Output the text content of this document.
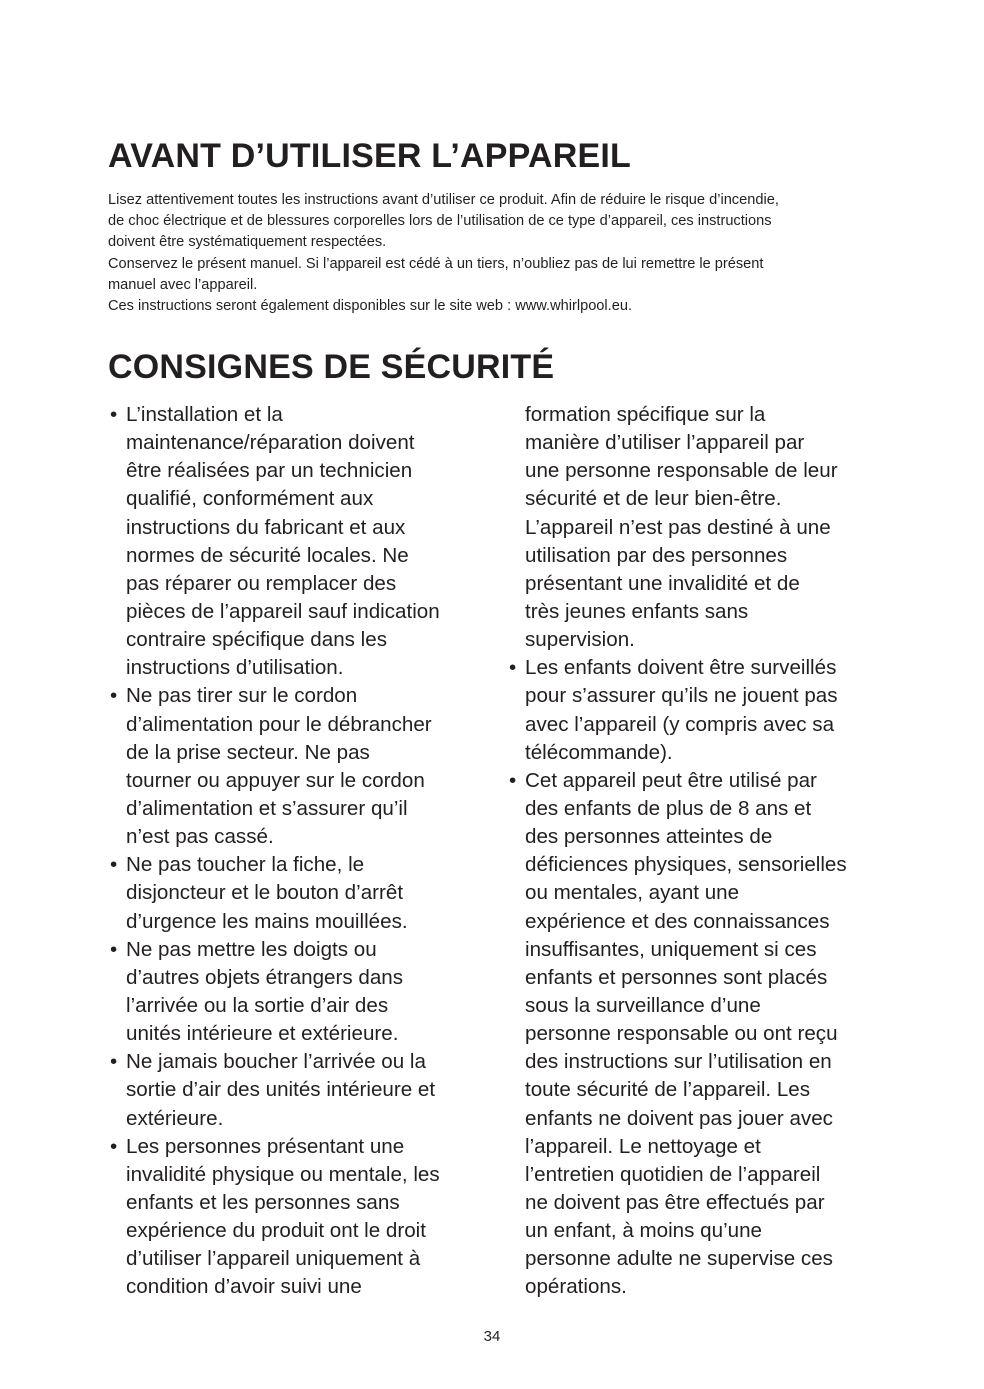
AVANT D’UTILISER L’APPAREIL

Lisez attentivement toutes les instructions avant d’utiliser ce produit. Afin de réduire le risque d’incendie,

de choc électrique et de blessures corporelles lors de l’utilisation de ce type d’appareil, ces instructions

doivent être systématiquement respectées.

Conservez le présent manuel. Si l’appareil est cédé à un tiers, n’oubliez pas de lui remettre le présent

manuel avec l’appareil.

Ces instructions seront également disponibles sur le site web : www.whirlpool.eu.

CONSIGNES DE SÉCURITÉ
• L’installation et la
maintenance/réparation doivent
être réalisées par un technicien
qualifié, conformément aux
instructions du fabricant et aux
normes de sécurité locales. Ne
pas réparer ou remplacer des
pièces de l’appareil sauf indication
contraire spécifique dans les
instructions d’utilisation.
• Ne pas tirer sur le cordon
d’alimentation pour le débrancher
de la prise secteur. Ne pas
tourner ou appuyer sur le cordon
d’alimentation et s’assurer qu’il
n’est pas cassé.
• Ne pas toucher la fiche, le
disjoncteur et le bouton d’arrêt
d’urgence les mains mouillées.
• Ne pas mettre les doigts ou
d’autres objets étrangers dans
l’arrivée ou la sortie d’air des
unités intérieure et extérieure.
• Ne jamais boucher l’arrivée ou la
sortie d’air des unités intérieure et
extérieure.
• Les personnes présentant une
invalidité physique ou mentale, les
enfants et les personnes sans
expérience du produit ont le droit
d’utiliser l’appareil uniquement à
condition d’avoir suivi une
formation spécifique sur la
manière d’utiliser l’appareil par
une personne responsable de leur
sécurité et de leur bien-être.
L’appareil n’est pas destiné à une
utilisation par des personnes
présentant une invalidité et de
très jeunes enfants sans
supervision.
• Les enfants doivent être surveillés
pour s’assurer qu’ils ne jouent pas
avec l’appareil (y compris avec sa
télécommande).
• Cet appareil peut être utilisé par
des enfants de plus de 8 ans et
des personnes atteintes de
déficiences physiques, sensorielles
ou mentales, ayant une
expérience et des connaissances
insuffisantes, uniquement si ces
enfants et personnes sont placés
sous la surveillance d’une
personne responsable ou ont reçu
des instructions sur l’utilisation en
toute sécurité de l’appareil. Les
enfants ne doivent pas jouer avec
l’appareil. Le nettoyage et
l’entretien quotidien de l’appareil
ne doivent pas être effectués par
un enfant, à moins qu’une
personne adulte ne supervise ces
opérations.
34
